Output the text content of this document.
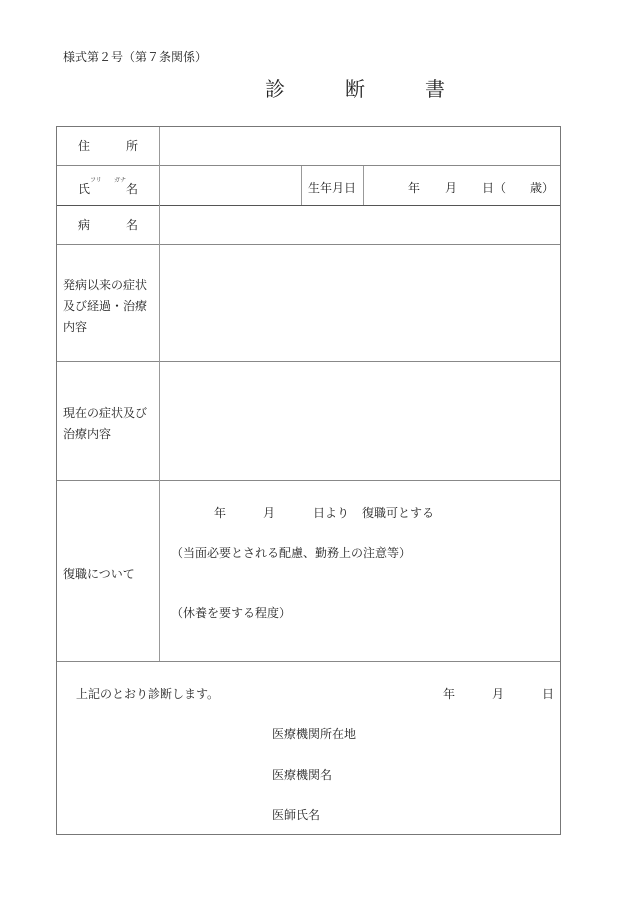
様式第２号（第７条関係）
診　断　書
住　所
フリ ガナ
氏　名	生年月日	年 月 日（ 歳）
病　名
発病以来の症状
及び経過・治療
内容
現在の症状及び
治療内容
復職について
年	月	日より 復職可とする
（当面必要とされる配慮、勤務上の注意等）
（休養を要する程度）
上記のとおり診断します。	年	月	日
医療機関所在地
医療機関名
医師氏名
